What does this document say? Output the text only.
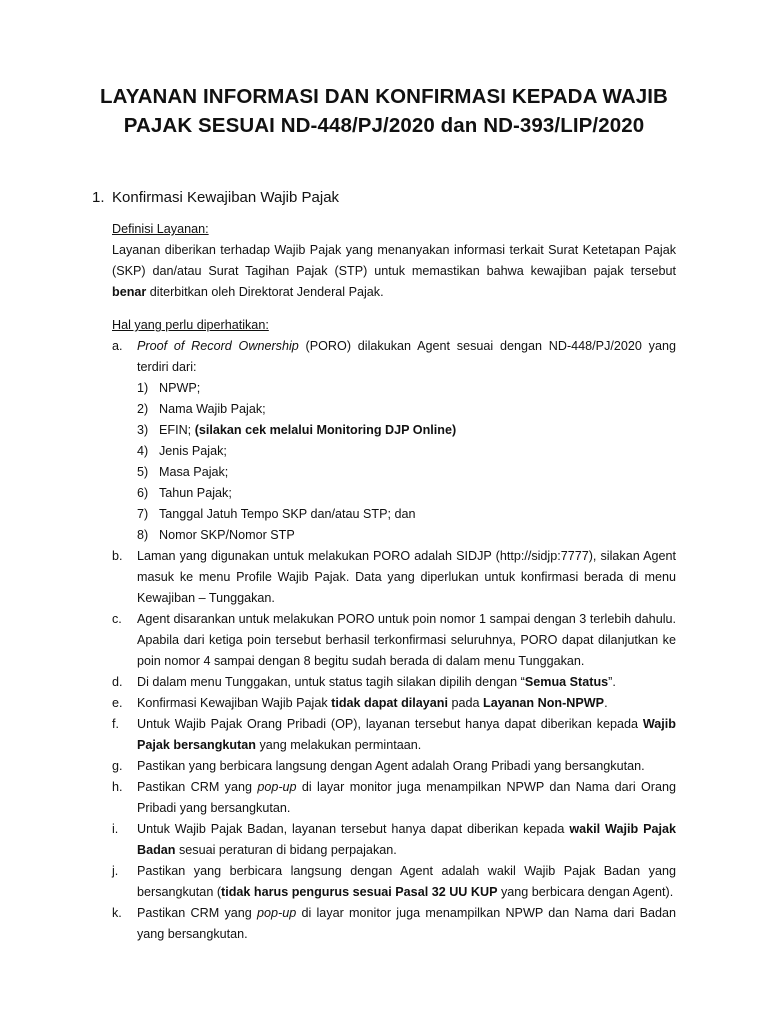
LAYANAN INFORMASI DAN KONFIRMASI KEPADA WAJIB
PAJAK SESUAI ND-448/PJ/2020 dan ND-393/LIP/2020
1. Konfirmasi Kewajiban Wajib Pajak
Definisi Layanan:
Layanan diberikan terhadap Wajib Pajak yang menanyakan informasi terkait Surat Ketetapan Pajak (SKP) dan/atau Surat Tagihan Pajak (STP) untuk memastikan bahwa kewajiban pajak tersebut benar diterbitkan oleh Direktorat Jenderal Pajak.
Hal yang perlu diperhatikan:
a.	Proof of Record Ownership (PORO) dilakukan Agent sesuai dengan ND-448/PJ/2020 yang terdiri dari:
1) NPWP;
2) Nama Wajib Pajak;
3) EFIN; (silakan cek melalui Monitoring DJP Online)
4) Jenis Pajak;
5) Masa Pajak;
6) Tahun Pajak;
7) Tanggal Jatuh Tempo SKP dan/atau STP; dan
8) Nomor SKP/Nomor STP
b.	Laman yang digunakan untuk melakukan PORO adalah SIDJP (http://sidjp:7777), silakan Agent masuk ke menu Profile Wajib Pajak. Data yang diperlukan untuk konfirmasi berada di menu Kewajiban – Tunggakan.
c.	Agent disarankan untuk melakukan PORO untuk poin nomor 1 sampai dengan 3 terlebih dahulu. Apabila dari ketiga poin tersebut berhasil terkonfirmasi seluruhnya, PORO dapat dilanjutkan ke poin nomor 4 sampai dengan 8 begitu sudah berada di dalam menu Tunggakan.
d.	Di dalam menu Tunggakan, untuk status tagih silakan dipilih dengan “Semua Status”.
e.	Konfirmasi Kewajiban Wajib Pajak tidak dapat dilayani pada Layanan Non-NPWP.
f.	Untuk Wajib Pajak Orang Pribadi (OP), layanan tersebut hanya dapat diberikan kepada Wajib Pajak bersangkutan yang melakukan permintaan.
g.	Pastikan yang berbicara langsung dengan Agent adalah Orang Pribadi yang bersangkutan.
h.	Pastikan CRM yang pop-up di layar monitor juga menampilkan NPWP dan Nama dari Orang Pribadi yang bersangkutan.
i.	Untuk Wajib Pajak Badan, layanan tersebut hanya dapat diberikan kepada wakil Wajib Pajak Badan sesuai peraturan di bidang perpajakan.
j.	Pastikan yang berbicara langsung dengan Agent adalah wakil Wajib Pajak Badan yang bersangkutan (tidak harus pengurus sesuai Pasal 32 UU KUP yang berbicara dengan Agent).
k.	Pastikan CRM yang pop-up di layar monitor juga menampilkan NPWP dan Nama dari Badan yang bersangkutan.
